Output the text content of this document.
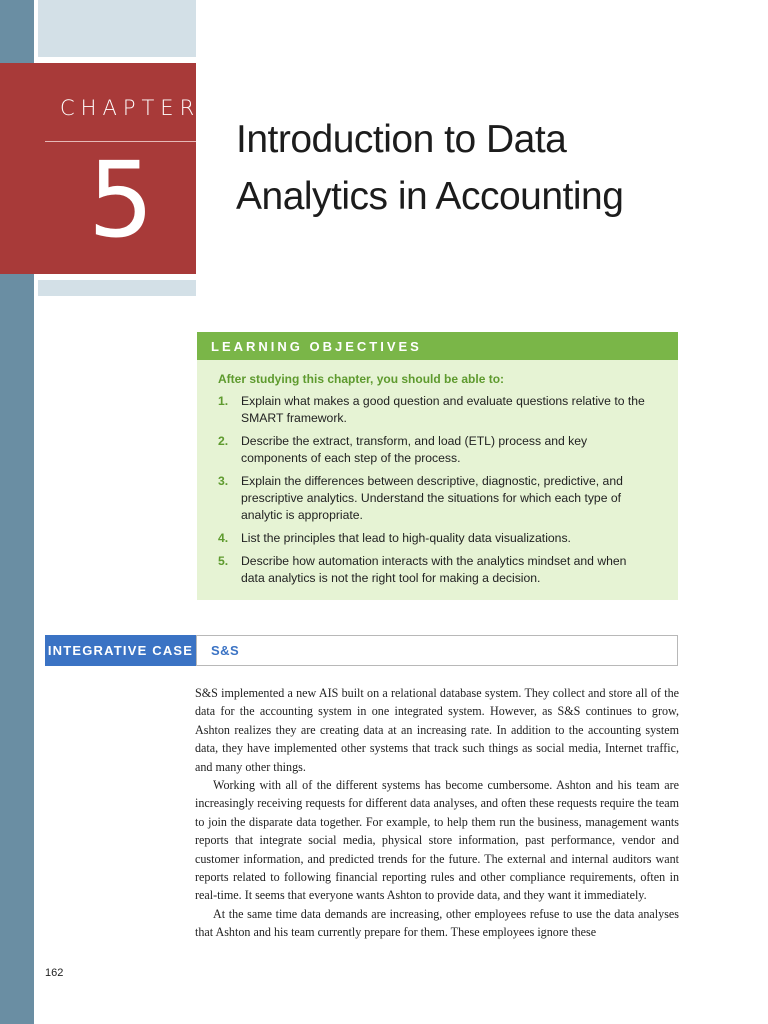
CHAPTER
5 Introduction to Data
Analytics in Accounting
LEARNING OBJECTIVES
After studying this chapter, you should be able to:
1. Explain what makes a good question and evaluate questions relative to the SMART framework.
2. Describe the extract, transform, and load (ETL) process and key components of each step of the process.
3. Explain the differences between descriptive, diagnostic, predictive, and prescriptive analytics. Understand the situations for which each type of analytic is appropriate.
4. List the principles that lead to high-quality data visualizations.
5. Describe how automation interacts with the analytics mindset and when data analytics is not the right tool for making a decision.
INTEGRATIVE CASE S&S

S&S implemented a new AIS built on a relational database system. They collect and store all of the data for the accounting system in one integrated system. However, as S&S continues to grow, Ashton realizes they are creating data at an increasing rate. In addition to the accounting system data, they have implemented other systems that track such things as social media, Internet traffic, and many other things.

Working with all of the different systems has become cumbersome. Ashton and his team are increasingly receiving requests for different data analyses, and often these requests require the team to join the disparate data together. For example, to help them run the business, management wants reports that integrate social media, physical store information, past performance, vendor and customer information, and predicted trends for the future. The external and internal auditors want reports related to following financial reporting rules and other compliance requirements, often in real-time. It seems that everyone wants Ashton to provide data, and they want it immediately.

At the same time data demands are increasing, other employees refuse to use the data analyses that Ashton and his team currently prepare for them. These employees ignore these

162
